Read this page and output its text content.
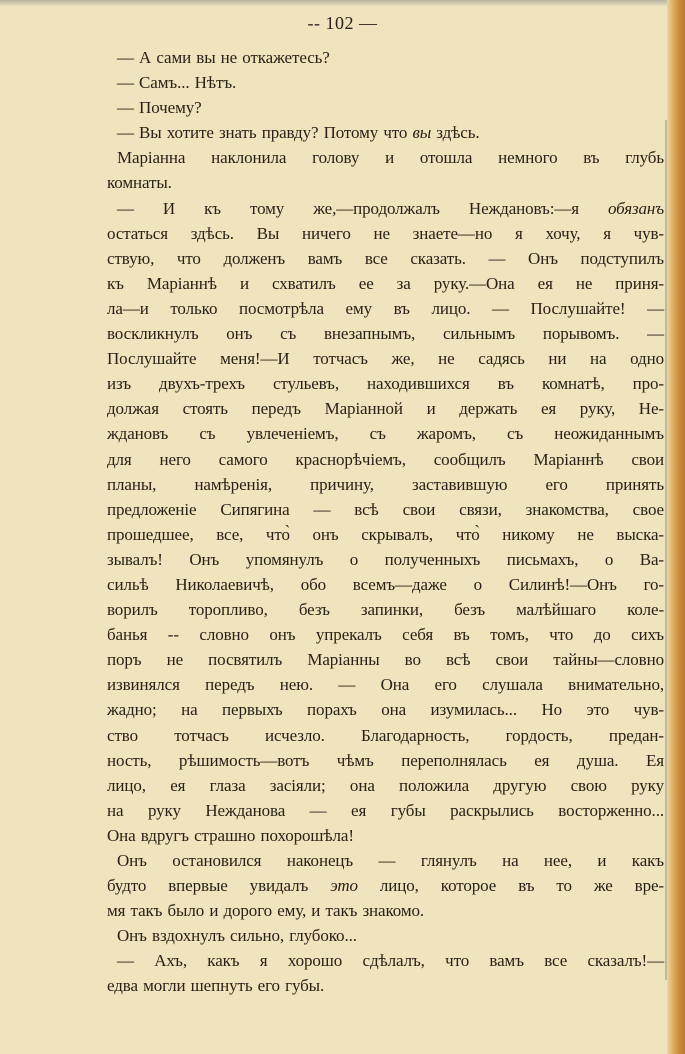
-- 102 —
— А сами вы не откажетесь?
— Самъ... Нѣтъ.
— Почему?
— Вы хотите знать правду? Потому что вы здѣсь.
Маріанна наклонила голову и отошла немного въ глубь
комнаты.
— И къ тому же,—продолжалъ Неждановъ:—я обязанъ
остаться здѣсь. Вы ничего не знаете—но я хочу, я чув-
ствую, что долженъ вамъ все сказать. — Онъ подступилъ
къ Маріаннѣ и схватилъ ее за руку.—Она ея не приня-
ла—и только посмотрѣла ему въ лицо. — Послушайте! —
воскликнулъ онъ съ внезапнымъ, сильнымъ порывомъ. —
Послушайте меня!—И тотчасъ же, не садясь ни на одно
изъ двухъ-трехъ стульевъ, находившихся въ комнатѣ, про-
должая стоять передъ Маріанной и держать ея руку, Не-
ждановъ съ увлеченіемъ, съ жаромъ, съ неожиданнымъ
для него самого краснорѣчіемъ, сообщилъ Маріаннѣ свои
планы, намѣренія, причину, заставившую его принять
предложеніе Сипягина — всѣ свои связи, знакомства, свое
прошедшее, все, что̀ онъ скрывалъ, что̀ никому не выска-
зывалъ! Онъ упомянулъ о полученныхъ письмахъ, о Ва-
сильѣ Николаевичѣ, обо всемъ—даже о Силинѣ!—Онъ го-
ворилъ торопливо, безъ запинки, безъ малѣйшаго коле-
банья -- словно онъ упрекалъ себя въ томъ, что до сихъ
поръ не посвятилъ Маріанны во всѣ свои тайны—словно
извинялся передъ нею. — Она его слушала внимательно,
жадно; на первыхъ порахъ она изумилась... Но это чув-
ство тотчасъ исчезло. Благодарность, гордость, предан-
ность, рѣшимость—вотъ чѣмъ переполнялась ея душа. Ея
лицо, ея глаза засіяли; она положила другую свою руку
на руку Нежданова — ея губы раскрылись восторженно...
Она вдругъ страшно похорошѣла!
Онъ остановился наконецъ — глянулъ на нее, и какъ
будто впервые увидалъ это лицо, которое въ то же вре-
мя такъ было и дорого ему, и такъ знакомо.
Онъ вздохнулъ сильно, глубоко...
— Ахъ, какъ я хорошо сдѣлалъ, что вамъ все сказалъ!—
едва могли шепнуть его губы.
